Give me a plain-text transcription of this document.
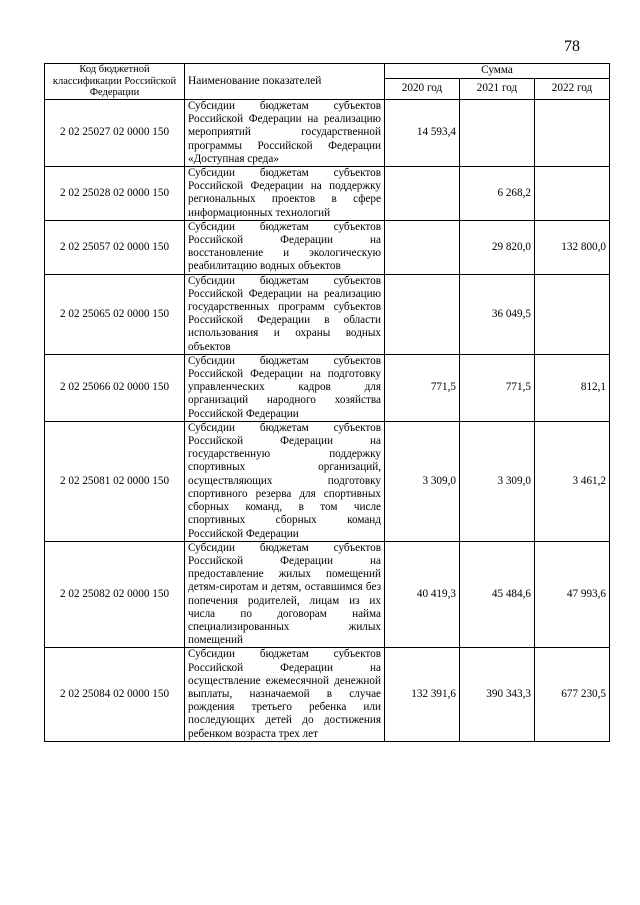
78
Код бюджетной классификации Российской Федерации	Наименование показателей	Сумма		
		2020 год	2021 год	2022 год
2 02 25027 02 0000 150	Субсидии бюджетам субъектов Российской Федерации на реализацию мероприятий государственной программы Российской Федерации «Доступная среда»	14 593,4		
2 02 25028 02 0000 150	Субсидии бюджетам субъектов Российской Федерации на поддержку региональных проектов в сфере информационных технологий		6 268,2	
2 02 25057 02 0000 150	Субсидии бюджетам субъектов Российской Федерации на восстановление и экологическую реабилитацию водных объектов		29 820,0	132 800,0
2 02 25065 02 0000 150	Субсидии бюджетам субъектов Российской Федерации на реализацию государственных программ субъектов Российской Федерации в области использования и охраны водных объектов		36 049,5	
2 02 25066 02 0000 150	Субсидии бюджетам субъектов Российской Федерации на подготовку управленческих кадров для организаций народного хозяйства Российской Федерации	771,5	771,5	812,1
2 02 25081 02 0000 150	Субсидии бюджетам субъектов Российской Федерации на государственную поддержку спортивных организаций, осуществляющих подготовку спортивного резерва для спортивных сборных команд, в том числе спортивных сборных команд Российской Федерации	3 309,0	3 309,0	3 461,2
2 02 25082 02 0000 150	Субсидии бюджетам субъектов Российской Федерации на предоставление жилых помещений детям-сиротам и детям, оставшимся без попечения родителей, лицам из их числа по договорам найма специализированных жилых помещений	40 419,3	45 484,6	47 993,6
2 02 25084 02 0000 150	Субсидии бюджетам субъектов Российской Федерации на осуществление ежемесячной денежной выплаты, назначаемой в случае рождения третьего ребенка или последующих детей до достижения ребенком возраста трех лет	132 391,6	390 343,3	677 230,5
